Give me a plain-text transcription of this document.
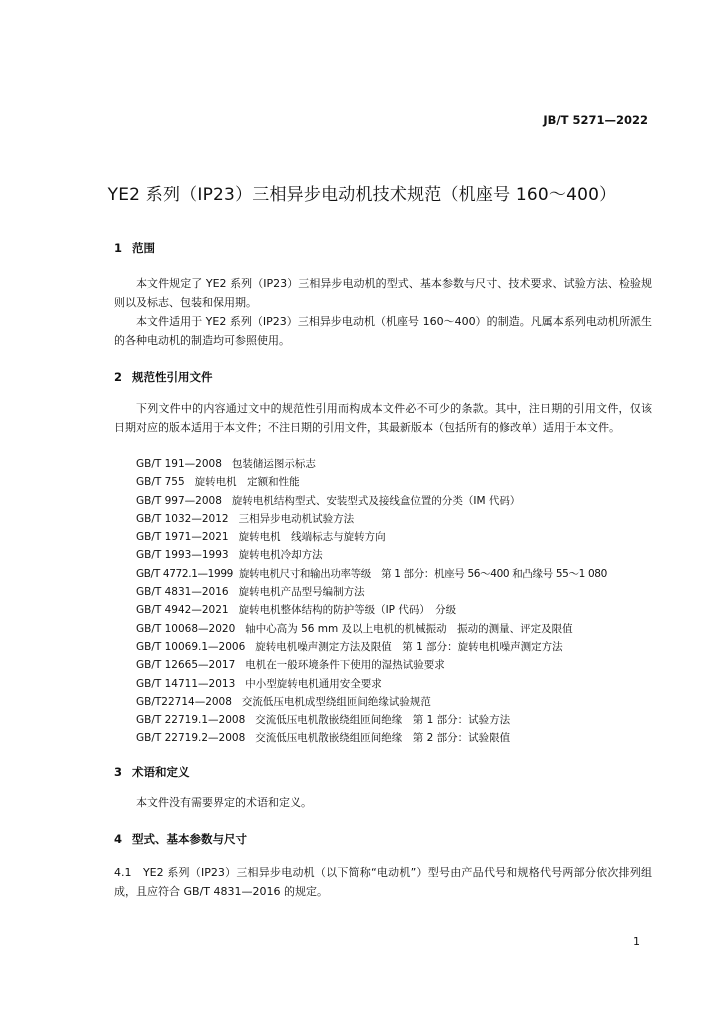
JB/T 5271—2022
YE2 系列（IP23）三相异步电动机技术规范（机座号 160～400）
1 范围
本文件规定了 YE2 系列（IP23）三相异步电动机的型式、基本参数与尺寸、技术要求、试验方法、检验规则以及标志、包装和保用期。
本文件适用于 YE2 系列（IP23）三相异步电动机（机座号 160～400）的制造。凡属本系列电动机所派生的各种电动机的制造均可参照使用。
2 规范性引用文件
下列文件中的内容通过文中的规范性引用而构成本文件必不可少的条款。其中，注日期的引用文件，仅该日期对应的版本适用于本文件；不注日期的引用文件，其最新版本（包括所有的修改单）适用于本文件。
GB/T 191—2008 包装储运图示标志
GB/T 755 旋转电机　定额和性能
GB/T 997—2008 旋转电机结构型式、安装型式及接线盒位置的分类（IM 代码）
GB/T 1032—2012 三相异步电动机试验方法
GB/T 1971—2021 旋转电机　线端标志与旋转方向
GB/T 1993—1993 旋转电机冷却方法
GB/T 4772.1—1999 旋转电机尺寸和输出功率等级　第 1 部分：机座号 56～400 和凸缘号 55～1 080
GB/T 4831—2016 旋转电机产品型号编制方法
GB/T 4942—2021 旋转电机整体结构的防护等级（IP 代码）　分级
GB/T 10068—2020 轴中心高为 56 mm 及以上电机的机械振动　振动的测量、评定及限值
GB/T 10069.1—2006 旋转电机噪声测定方法及限值　第 1 部分：旋转电机噪声测定方法
GB/T 12665—2017 电机在一般环境条件下使用的湿热试验要求
GB/T 14711—2013 中小型旋转电机通用安全要求
GB/T22714—2008 交流低压电机成型绕组匝间绝缘试验规范
GB/T 22719.1—2008 交流低压电机散嵌绕组匝间绝缘　第 1 部分：试验方法
GB/T 22719.2—2008 交流低压电机散嵌绕组匝间绝缘　第 2 部分：试验限值
3 术语和定义
本文件没有需要界定的术语和定义。
4 型式、基本参数与尺寸
4.1　YE2 系列（IP23）三相异步电动机（以下简称“电动机”）型号由产品代号和规格代号两部分依次排列组成，且应符合 GB/T 4831—2016 的规定。
1
